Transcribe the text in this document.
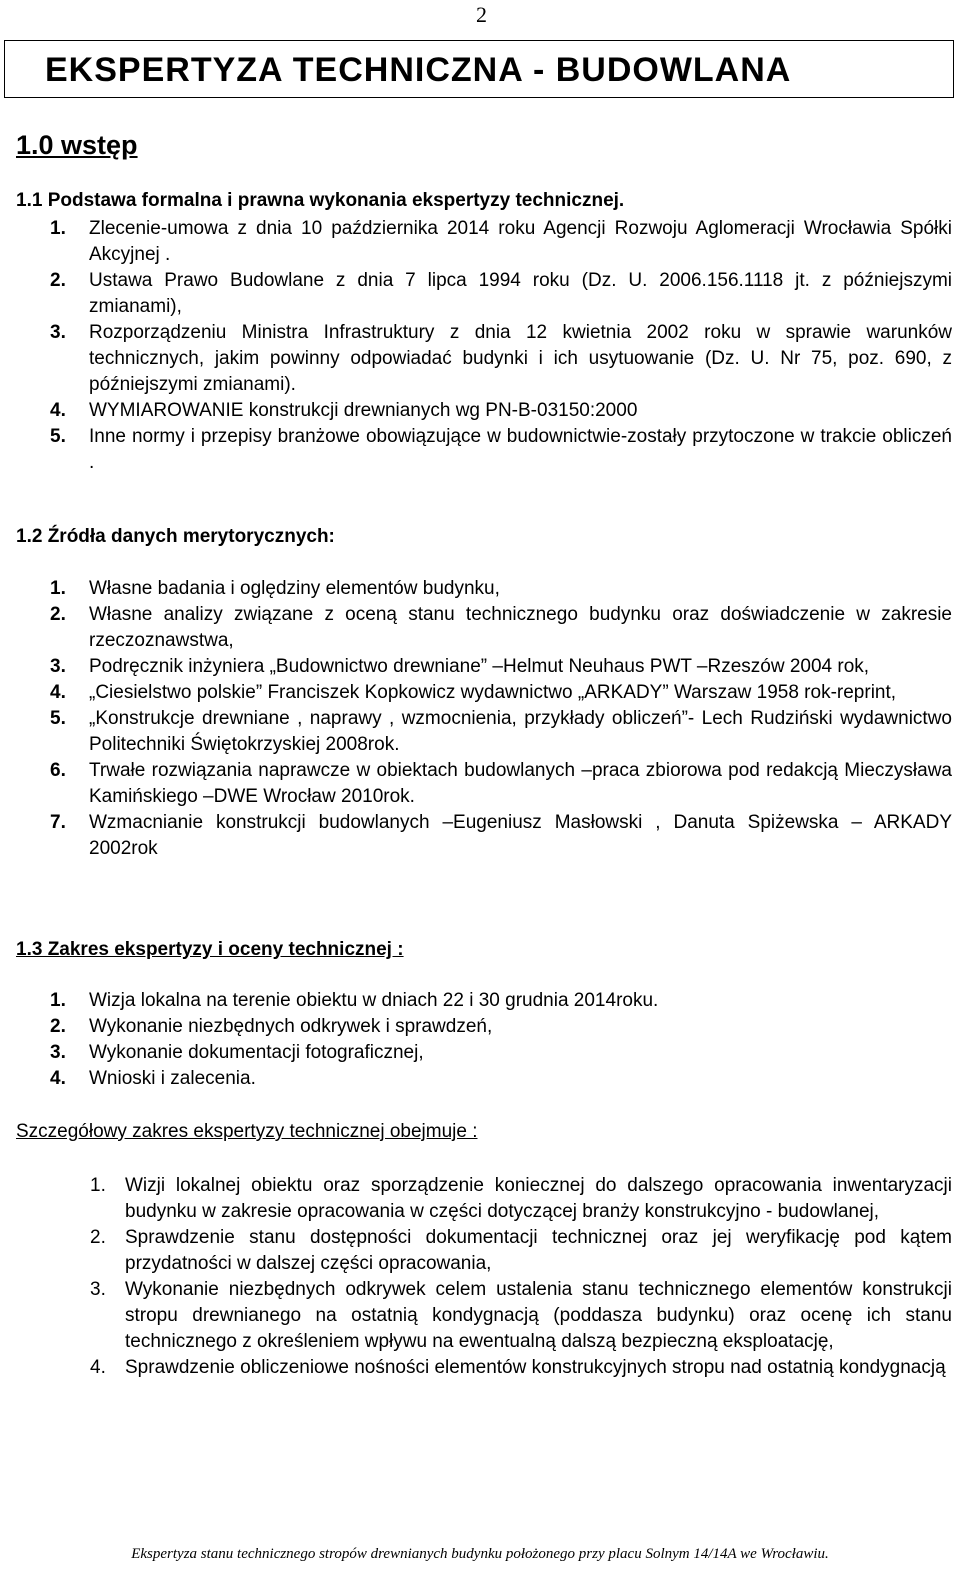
2
EKSPERTYZA TECHNICZNA - BUDOWLANA
1.0 wstęp
1.1 Podstawa formalna i prawna wykonania ekspertyzy technicznej.
1. Zlecenie-umowa z dnia 10 października 2014 roku Agencji Rozwoju Aglomeracji Wrocławia Spółki Akcyjnej .
2. Ustawa Prawo Budowlane z dnia 7 lipca 1994 roku (Dz. U. 2006.156.1118 jt. z późniejszymi zmianami),
3. Rozporządzeniu Ministra Infrastruktury z dnia 12 kwietnia 2002 roku w sprawie warunków technicznych, jakim powinny odpowiadać budynki i ich usytuowanie (Dz. U. Nr 75, poz. 690, z późniejszymi zmianami).
4. WYMIAROWANIE konstrukcji drewnianych wg PN-B-03150:2000
5. Inne normy i przepisy branżowe obowiązujące w budownictwie-zostały przytoczone w trakcie obliczeń .
1.2 Źródła danych merytorycznych:
1. Własne badania i oględziny elementów budynku,
2. Własne analizy związane z oceną stanu technicznego budynku oraz doświadczenie w zakresie rzeczoznawstwa,
3. Podręcznik inżyniera „Budownictwo drewniane” –Helmut Neuhaus PWT –Rzeszów 2004 rok,
4. „Ciesielstwo polskie” Franciszek Kopkowicz wydawnictwo „ARKADY” Warszaw 1958 rok-reprint,
5. „Konstrukcje drewniane , naprawy , wzmocnienia, przykłady obliczeń”- Lech Rudziński wydawnictwo Politechniki Świętokrzyskiej 2008rok.
6. Trwałe rozwiązania naprawcze w obiektach budowlanych –praca zbiorowa pod redakcją Mieczysława Kamińskiego –DWE Wrocław 2010rok.
7. Wzmacnianie konstrukcji budowlanych –Eugeniusz Masłowski , Danuta Spiżewska – ARKADY 2002rok
1.3 Zakres ekspertyzy i oceny technicznej :
1. Wizja lokalna na terenie obiektu w dniach 22 i 30 grudnia 2014roku.
2. Wykonanie niezbędnych odkrywek i sprawdzeń,
3. Wykonanie dokumentacji fotograficznej,
4. Wnioski i zalecenia.
Szczegółowy zakres ekspertyzy technicznej obejmuje :
1. Wizji lokalnej obiektu oraz sporządzenie koniecznej do dalszego opracowania inwentaryzacji budynku w zakresie opracowania w części dotyczącej branży konstrukcyjno - budowlanej,
2. Sprawdzenie stanu dostępności dokumentacji technicznej oraz jej weryfikację pod kątem przydatności w dalszej części opracowania,
3. Wykonanie niezbędnych odkrywek celem ustalenia stanu technicznego elementów konstrukcji stropu drewnianego na ostatnią kondygnacją (poddasza budynku) oraz ocenę ich stanu technicznego z określeniem wpływu na ewentualną dalszą bezpieczną eksploatację,
4. Sprawdzenie obliczeniowe nośności elementów konstrukcyjnych stropu nad ostatnią kondygnacją
Ekspertyza stanu technicznego stropów drewnianych budynku położonego przy placu Solnym 14/14A we Wrocławiu.
